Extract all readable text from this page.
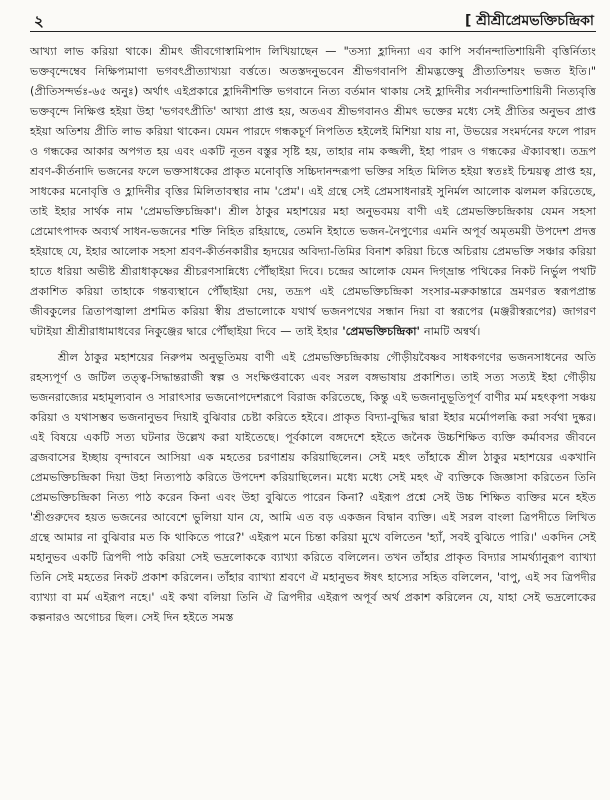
২	[ শ্রীশ্রীপ্রেমভক্তিচন্দ্রিকা

আখ্যা লাভ করিয়া থাকে। শ্রীমৎ জীবগোস্বামিপাদ লিখিয়াছেন — "তস্যা হ্লাদিন্যা এব কাপি সর্বানন্দাতিশায়িনী বৃত্তির্নিত্যং ভক্তবৃন্দেম্বেব নিক্ষিপ্যমাণা ভগবৎপ্রীত্যাখ্যয়া বর্ত্ততে। অতস্তদনুভবেন শ্রীভগবানপি শ্রীমদ্ভক্তেষু প্রীত্যতিশয়ং ভজত ইতি।" (প্রীতিসন্দর্ভঃ-৬৫ অনুঃ) অর্থাৎ এইপ্রকারে হ্লাদিনীশক্তি ভগবানে নিত্য বর্তমান থাকায় সেই হ্লাদিনীর সর্বানন্দাতিশায়িনী নিত্যবৃত্তি ভক্তবৃন্দে নিক্ষিপ্ত হইয়া উহা 'ভগবৎপ্রীতি' আখ্যা প্রাপ্ত হয়, অতএব শ্রীভগবানও শ্রীমৎ ভক্তের মধ্যে সেই প্রীতির অনুভব প্রাপ্ত হইয়া অতিশয় প্রীতি লাভ করিয়া থাকেন। যেমন পারদে গন্ধকচূর্ণ নিপতিত হইলেই মিশিয়া যায় না, উভয়ের সংমর্দনের ফলে পারদ ও গন্ধকের আকার অপগত হয় এবং একটি নূতন বস্তুর সৃষ্টি হয়, তাহার নাম কজ্জলী, ইহা পারদ ও গন্ধকের ঐক্যাবস্থা। তদ্রূপ শ্রবণ-কীর্তনাদি ভজনের ফলে ভক্তসাধকের প্রাকৃত মনোবৃত্তি সচ্চিদানন্দরূপা ভক্তির সহিত মিলিত হইয়া স্বতঃই চিন্ময়ত্ব প্রাপ্ত হয়, সাধকের মনোবৃত্তি ও হ্লাদিনীর বৃত্তির মিলিতাবস্থার নাম 'প্রেম'। এই গ্রন্থে সেই প্রেমসাধনারই সুনির্মল আলোক ঝলমল করিতেছে, তাই ইহার সার্থক নাম 'প্রেমভক্তিচন্দ্রিকা'। শ্রীল ঠাকুর মহাশয়ের মহা অনুভবময় বাণী এই প্রেমভক্তিচন্দ্রিকায় যেমন সহসা প্রেমোৎপাদক অব্যর্থ সাধন-ভজনের শক্তি নিহিত রহিয়াছে, তেমনি ইহাতে ভজন-নৈপুণ্যের এমনি অপূর্ব অমৃতময়ী উপদেশ প্রদত্ত হইয়াছে যে, ইহার আলোক সহসা শ্রবণ-কীর্তনকারীর হৃদয়ের অবিদ্যা-তিমির বিনাশ করিয়া চিত্তে অচিরায় প্রেমভক্তি সঞ্চার করিয়া হাতে ধরিয়া অভীষ্ট শ্রীরাধাকৃষ্ণের শ্রীচরণসান্নিধ্যে পৌঁছাইয়া দিবে। চন্দ্রের আলোক যেমন দিগ্‌ভ্রান্ত পথিকের নিকট নির্ভুল পথটি প্রকাশিত করিয়া তাহাকে গন্তব্যস্থানে পৌঁছাইয়া দেয়, তদ্রূপ এই প্রেমভক্তিচন্দ্রিকা সংসার-মরুকান্তারে ভ্রমণরত স্বরূপপ্রান্ত জীবকুলের ত্রিতাপজ্বালা প্রশমিত করিয়া স্বীয় প্রভালোকে যথার্থ ভজনপথের সন্ধান দিয়া বা স্বরূপের (মঞ্জরীস্বরূপের) জাগরণ ঘটাইয়া শ্রীশ্রীরাধামাধবের নিকুঞ্জের দ্বারে পৌঁছাইয়া দিবে — তাই ইহার 'প্রেমভক্তিচন্দ্রিকা' নামটি অন্বর্থ।

শ্রীল ঠাকুর মহাশয়ের নিরুপম অনুভূতিময় বাণী এই প্রেমভক্তিচন্দ্রিকায় গৌড়ীয়বৈষ্ণব সাধকগণের ভজনসাধনের অতি রহস্যপূর্ণ ও জটিল তত্ত্ব-সিদ্ধান্তরাজী স্বল্প ও সংক্ষিপ্তবাক্যে এবং সরল বঙ্গভাষায় প্রকাশিত। তাই সত্য সত্যই ইহা গৌড়ীয় ভজনরাজ্যের মহামূল্যবান ও সারাৎসার ভজনোপদেশরূপে বিরাজ করিতেছে, কিন্তু এই ভজনানুভূতিপূর্ণ বাণীর মর্ম মহৎকৃপা সঞ্চয় করিয়া ও যথাসম্ভব ভজনানুভব দিয়াই বুঝিবার চেষ্টা করিতে হইবে। প্রাকৃত বিদ্যা-বুদ্ধির দ্বারা ইহার মর্মোপলব্ধি করা সর্বথা দুষ্কর। এই বিষয়ে একটি সত্য ঘটনার উল্লেখ করা যাইতেছে। পূর্বকালে বঙ্গদেশে হইতে জনৈক উচ্চশিক্ষিত ব্যক্তি কর্মাবসর জীবনে ব্রজবাসের ইচ্ছায় বৃন্দাবনে আসিয়া এক মহতের চরণাশ্রয় করিয়াছিলেন। সেই মহৎ তাঁহাকে শ্রীল ঠাকুর মহাশয়ের একখানি প্রেমভক্তিচন্দ্রিকা দিয়া উহা নিত্যপাঠ করিতে উপদেশ করিয়াছিলেন। মধ্যে মধ্যে সেই মহৎ ঐ ব্যক্তিকে জিজ্ঞাসা করিতেন তিনি প্রেমভক্তিচন্দ্রিকা নিত্য পাঠ করেন কিনা এবং উহা বুঝিতে পারেন কিনা? এইরূপ প্রশ্নে সেই উচ্চ শিক্ষিত ব্যক্তির মনে হইত 'শ্রীগুরুদেব হয়ত ভজনের আবেশে ভুলিয়া যান যে, আমি এত বড় একজন বিদ্বান ব্যক্তি। এই সরল বাংলা ত্রিপদীতে লিখিত গ্রন্থে আমার না বুঝিবার মত কি থাকিতে পারে?' এইরূপ মনে চিন্তা করিয়া মুখে বলিতেন 'হ্যাঁ, সবই বুঝিতে পারি।' একদিন সেই মহানুভব একটি ত্রিপদী পাঠ করিয়া সেই ভদ্রলোককে ব্যাখ্যা করিতে বলিলেন। তখন তাঁহার প্রাকৃত বিদ্যার সামর্থ্যানুরূপ ব্যাখ্যা তিনি সেই মহতের নিকট প্রকাশ করিলেন। তাঁহার ব্যাখ্যা শ্রবণে ঐ মহানুভব ঈষৎ হাস্যের সহিত বলিলেন, 'বাপু, এই সব ত্রিপদীর ব্যাখ্যা বা মর্ম এইরূপ নহে।' এই কথা বলিয়া তিনি ঐ ত্রিপদীর এইরূপ অপূর্ব অর্থ প্রকাশ করিলেন যে, যাহা সেই ভদ্রলোকের কল্পনারও অগোচর ছিল। সেই দিন হইতে সমস্ত
